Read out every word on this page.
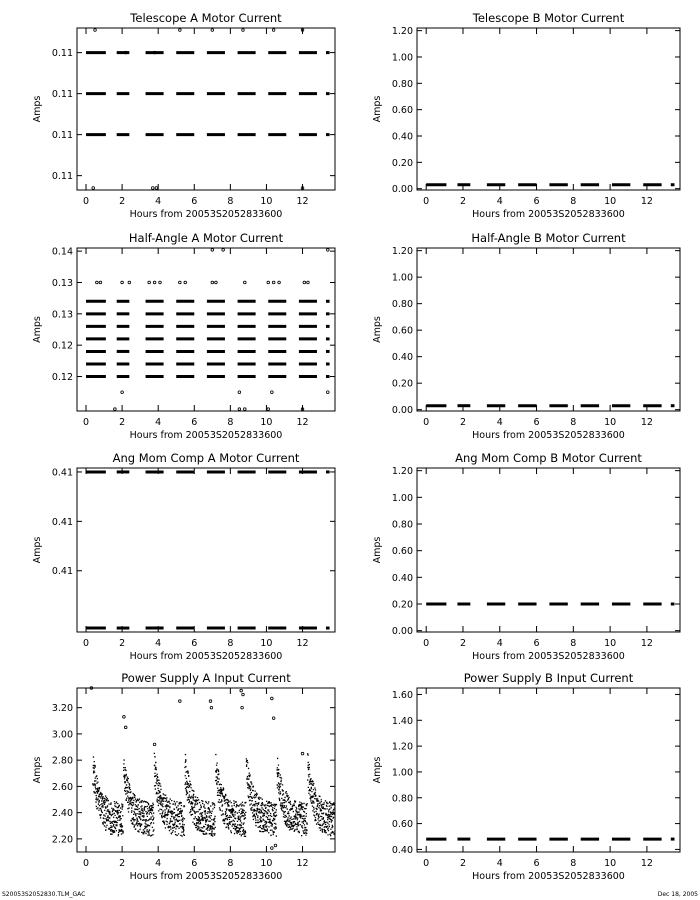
Telescope A Motor Current
Hours from 20053S2052833600
Amps
0	2	4	6	8	10	12
0.11
0.11
0.11
0.11
Telescope B Motor Current
Hours from 20053S2052833600
Amps
0	2	4	6	8	10	12
0.00
0.20
0.40
0.60
0.80
1.00
1.20
Half-Angle A Motor Current
Hours from 20053S2052833600
Amps
0	2	4	6	8	10	12
0.12
0.12
0.13
0.13
0.14
Half-Angle B Motor Current
Hours from 20053S2052833600
Amps
0	2	4	6	8	10	12
0.00
0.20
0.40
0.60
0.80
1.00
1.20
Ang Mom Comp A Motor Current
Hours from 20053S2052833600
Amps
0	2	4	6	8	10	12
0.41
0.41
0.41
Ang Mom Comp B Motor Current
Hours from 20053S2052833600
Amps
0	2	4	6	8	10	12
0.00
0.20
0.40
0.60
0.80
1.00
1.20
Power Supply A Input Current
Hours from 20053S2052833600
Amps
0	2	4	6	8	10	12
2.20
2.40
2.60
2.80
3.00
3.20
Power Supply B Input Current
Hours from 20053S2052833600
Amps
0	2	4	6	8	10	12
0.40
0.60
0.80
1.00
1.20
1.40
1.60
S20053S2052830.TLM_GAC	Dec 18, 2005
